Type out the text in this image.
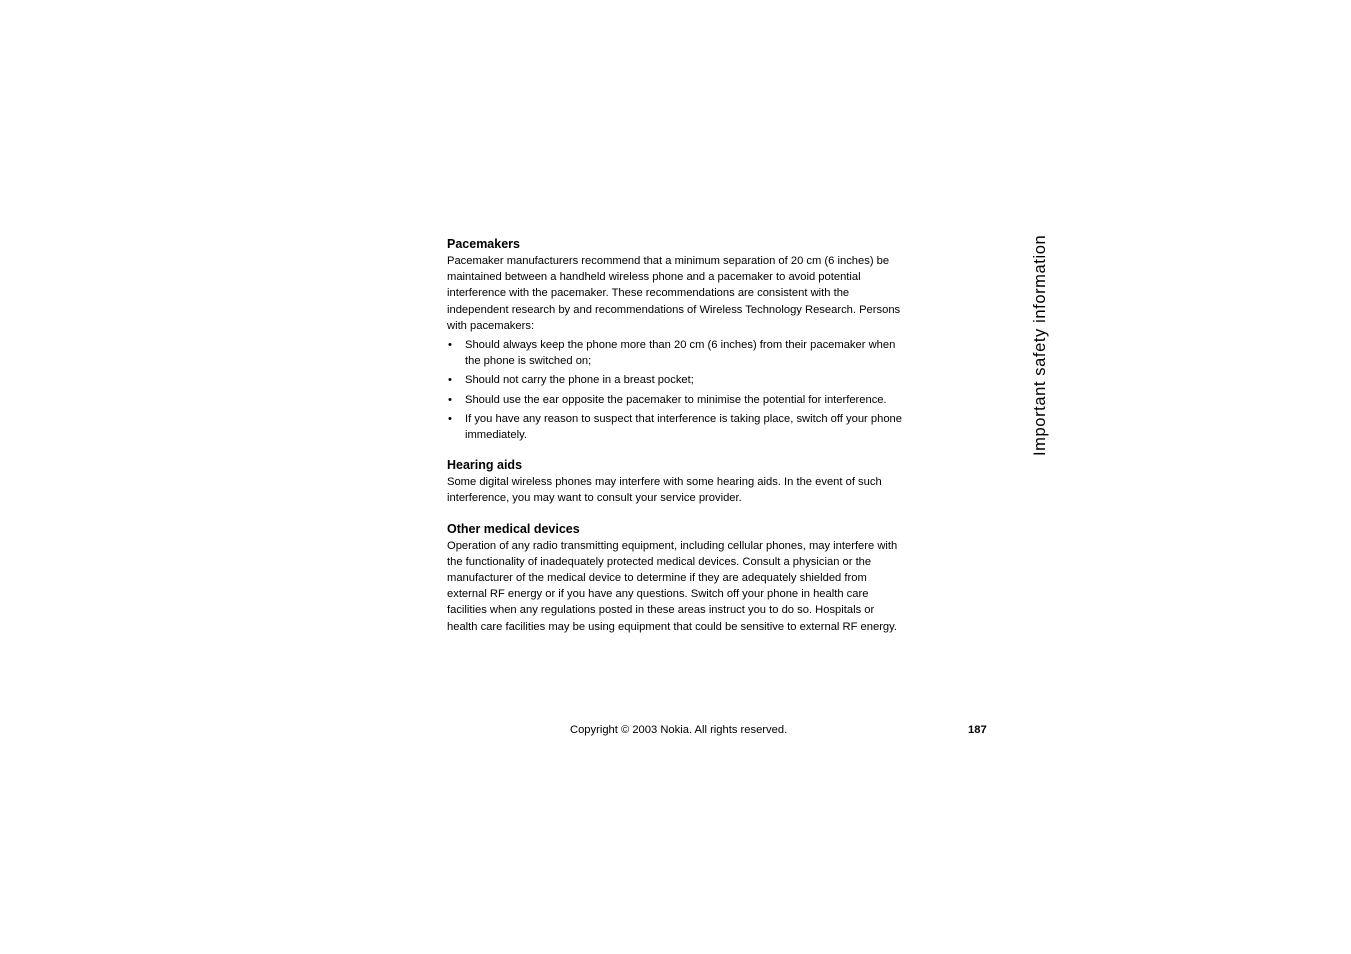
Pacemakers

Pacemaker manufacturers recommend that a minimum separation of 20 cm (6 inches) be maintained between a handheld wireless phone and a pacemaker to avoid potential interference with the pacemaker. These recommendations are consistent with the independent research by and recommendations of Wireless Technology Research. Persons with pacemakers:

• Should always keep the phone more than 20 cm (6 inches) from their pacemaker when the phone is switched on;
• Should not carry the phone in a breast pocket;
• Should use the ear opposite the pacemaker to minimise the potential for interference.
• If you have any reason to suspect that interference is taking place, switch off your phone immediately.
Hearing aids

Some digital wireless phones may interfere with some hearing aids. In the event of such interference, you may want to consult your service provider.

Other medical devices

Operation of any radio transmitting equipment, including cellular phones, may interfere with the functionality of inadequately protected medical devices. Consult a physician or the manufacturer of the medical device to determine if they are adequately shielded from external RF energy or if you have any questions. Switch off your phone in health care facilities when any regulations posted in these areas instruct you to do so. Hospitals or health care facilities may be using equipment that could be sensitive to external RF energy.

Important safety information
Copyright © 2003 Nokia. All rights reserved.	187
